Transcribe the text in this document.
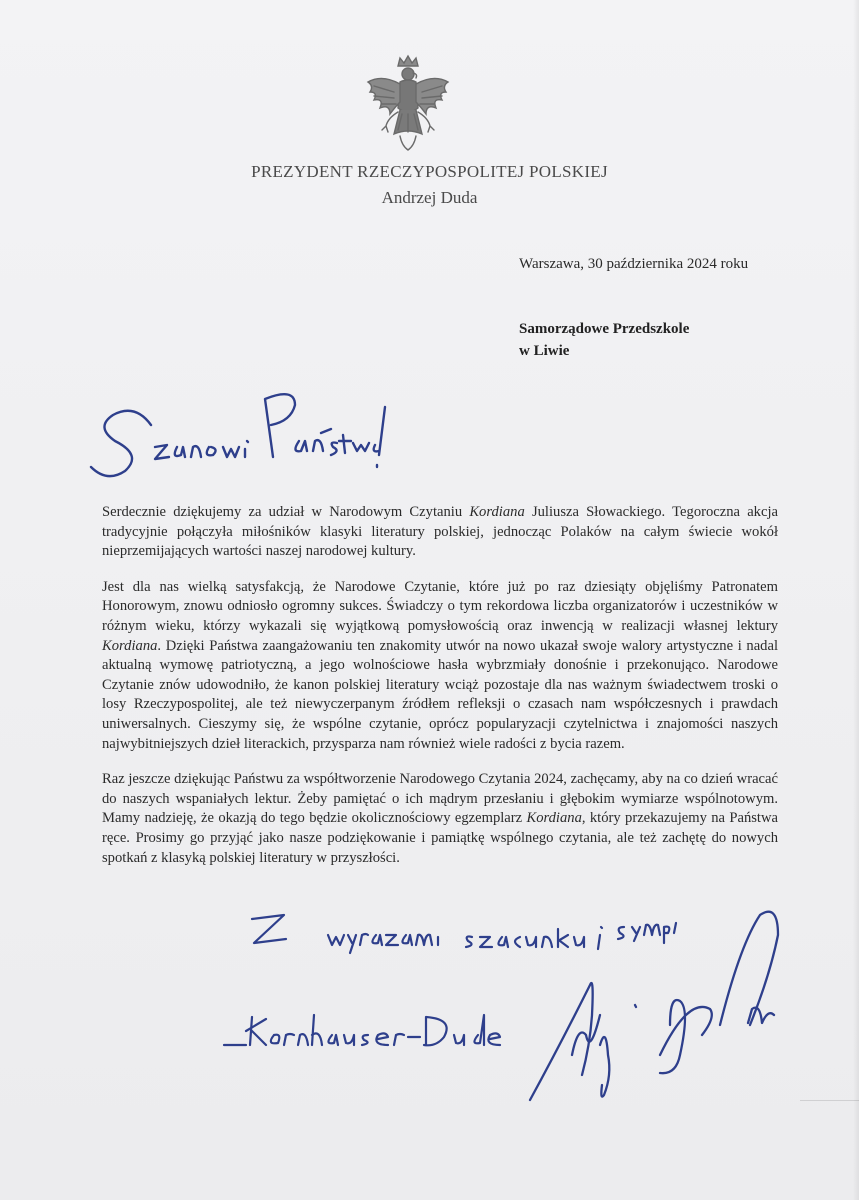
PREZYDENT RZECZYPOSPOLITEJ POLSKIEJ
Andrzej Duda
Warszawa, 30 października 2024 roku
Samorządowe Przedszkole
w Liwie

Serdecznie dziękujemy za udział w Narodowym Czytaniu Kordiana Juliusza Słowackiego. Tegoroczna akcja tradycyjnie połączyła miłośników klasyki literatury polskiej, jednocząc Polaków na całym świecie wokół nieprzemijających wartości naszej narodowej kultury.

Jest dla nas wielką satysfakcją, że Narodowe Czytanie, które już po raz dziesiąty objęliśmy Patronatem Honorowym, znowu odniosło ogromny sukces. Świadczy o tym rekordowa liczba organizatorów i uczestników w różnym wieku, którzy wykazali się wyjątkową pomysłowością oraz inwencją w realizacji własnej lektury Kordiana. Dzięki Państwa zaangażowaniu ten znakomity utwór na nowo ukazał swoje walory artystyczne i nadal aktualną wymowę patriotyczną, a jego wolnościowe hasła wybrzmiały donośnie i przekonująco. Narodowe Czytanie znów udowodniło, że kanon polskiej literatury wciąż pozostaje dla nas ważnym świadectwem troski o losy Rzeczypospolitej, ale też niewyczerpanym źródłem refleksji o czasach nam współczesnych i prawdach uniwersalnych. Cieszymy się, że wspólne czytanie, oprócz popularyzacji czytelnictwa i znajomości naszych najwybitniejszych dzieł literackich, przysparza nam również wiele radości z bycia razem.

Raz jeszcze dziękując Państwu za współtworzenie Narodowego Czytania 2024, zachęcamy, aby na co dzień wracać do naszych wspaniałych lektur. Żeby pamiętać o ich mądrym przesłaniu i głębokim wymiarze wspólnotowym. Mamy nadzieję, że okazją do tego będzie okolicznościowy egzemplarz Kordiana, który przekazujemy na Państwa ręce. Prosimy go przyjąć jako nasze podziękowanie i pamiątkę wspólnego czytania, ale też zachętę do nowych spotkań z klasyką polskiej literatury w przyszłości.
